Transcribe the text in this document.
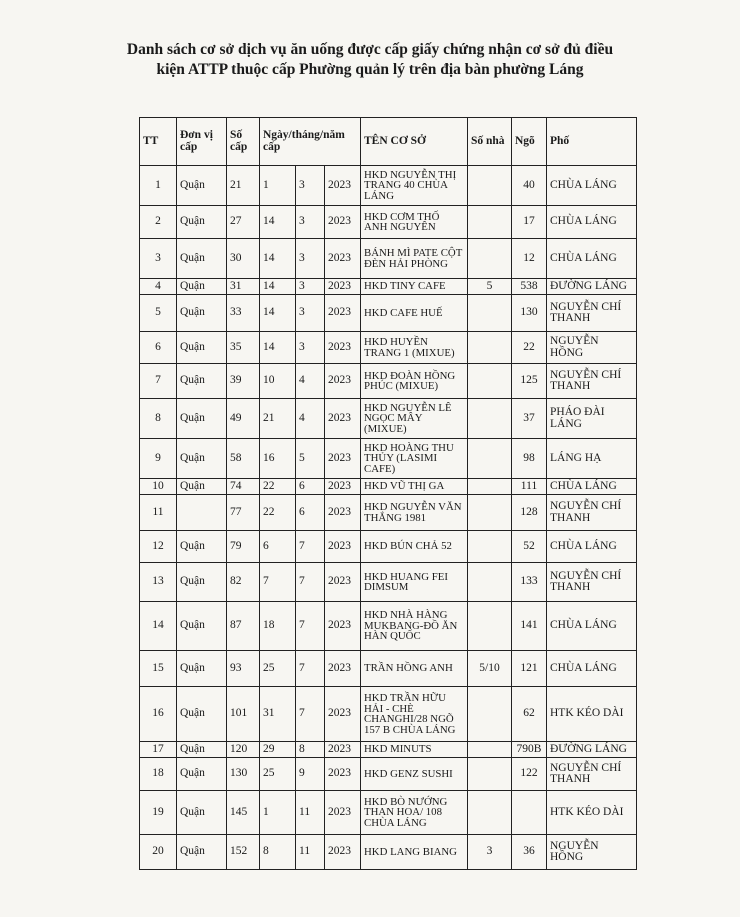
Danh sách cơ sở dịch vụ ăn uống được cấp giấy chứng nhận cơ sở đủ điều
kiện ATTP thuộc cấp Phường quản lý trên địa bàn phường Láng
TT	Đơn vị cấp	Số cấp	Ngày/tháng/năm cấp			TÊN CƠ SỞ	Số nhà	Ngõ	Phố
1	Quận	21	1	3	2023	HKD NGUYỄN THỊ TRANG 40 CHÙA LÁNG		40	CHÙA LÁNG
2	Quận	27	14	3	2023	HKD CƠM THỐ ANH NGUYÊN		17	CHÙA LÁNG
3	Quận	30	14	3	2023	BÁNH MÌ PATE CỘT ĐÈN HẢI PHÒNG		12	CHÙA LÁNG
4	Quận	31	14	3	2023	HKD TINY CAFE	5	538	ĐƯỜNG LÁNG
5	Quận	33	14	3	2023	HKD CAFE HUẾ		130	NGUYỄN CHÍ THANH
6	Quận	35	14	3	2023	HKD HUYỀN TRANG 1 (MIXUE)		22	NGUYỄN HỒNG
7	Quận	39	10	4	2023	HKD ĐOÀN HỒNG PHÚC (MIXUE)		125	NGUYỄN CHÍ THANH
8	Quận	49	21	4	2023	HKD NGUYỄN LÊ NGỌC MÂY (MIXUE)		37	PHÁO ĐÀI LÁNG
9	Quận	58	16	5	2023	HKD HOÀNG THU THỦY (LASIMI CAFE)		98	LÁNG HẠ
10	Quận	74	22	6	2023	HKD VŨ THỊ GA		111	CHÙA LÁNG
11		77	22	6	2023	HKD NGUYỄN VĂN THẮNG 1981		128	NGUYỄN CHÍ THANH
12	Quận	79	6	7	2023	HKD BÚN CHẢ 52		52	CHÙA LÁNG
13	Quận	82	7	7	2023	HKD HUANG FEI DIMSUM		133	NGUYỄN CHÍ THANH
14	Quận	87	18	7	2023	HKD NHÀ HÀNG MUKBANG-ĐỒ ĂN HÀN QUỐC		141	CHÙA LÁNG
15	Quận	93	25	7	2023	TRẦN HỒNG ANH	5/10	121	CHÙA LÁNG
16	Quận	101	31	7	2023	HKD TRẦN HỮU HẢI - CHÈ CHANGHI/28 NGÕ 157 B CHÙA LÁNG		62	HTK KÉO DÀI
17	Quận	120	29	8	2023	HKD MINUTS		790B	ĐƯỜNG LÁNG
18	Quận	130	25	9	2023	HKD GENZ SUSHI		122	NGUYỄN CHÍ THANH
19	Quận	145	1	11	2023	HKD BÒ NƯỚNG THAN HOA/ 108 CHÙA LÁNG			HTK KÉO DÀI
20	Quận	152	8	11	2023	HKD LANG BIANG	3	36	NGUYỄN HỒNG
